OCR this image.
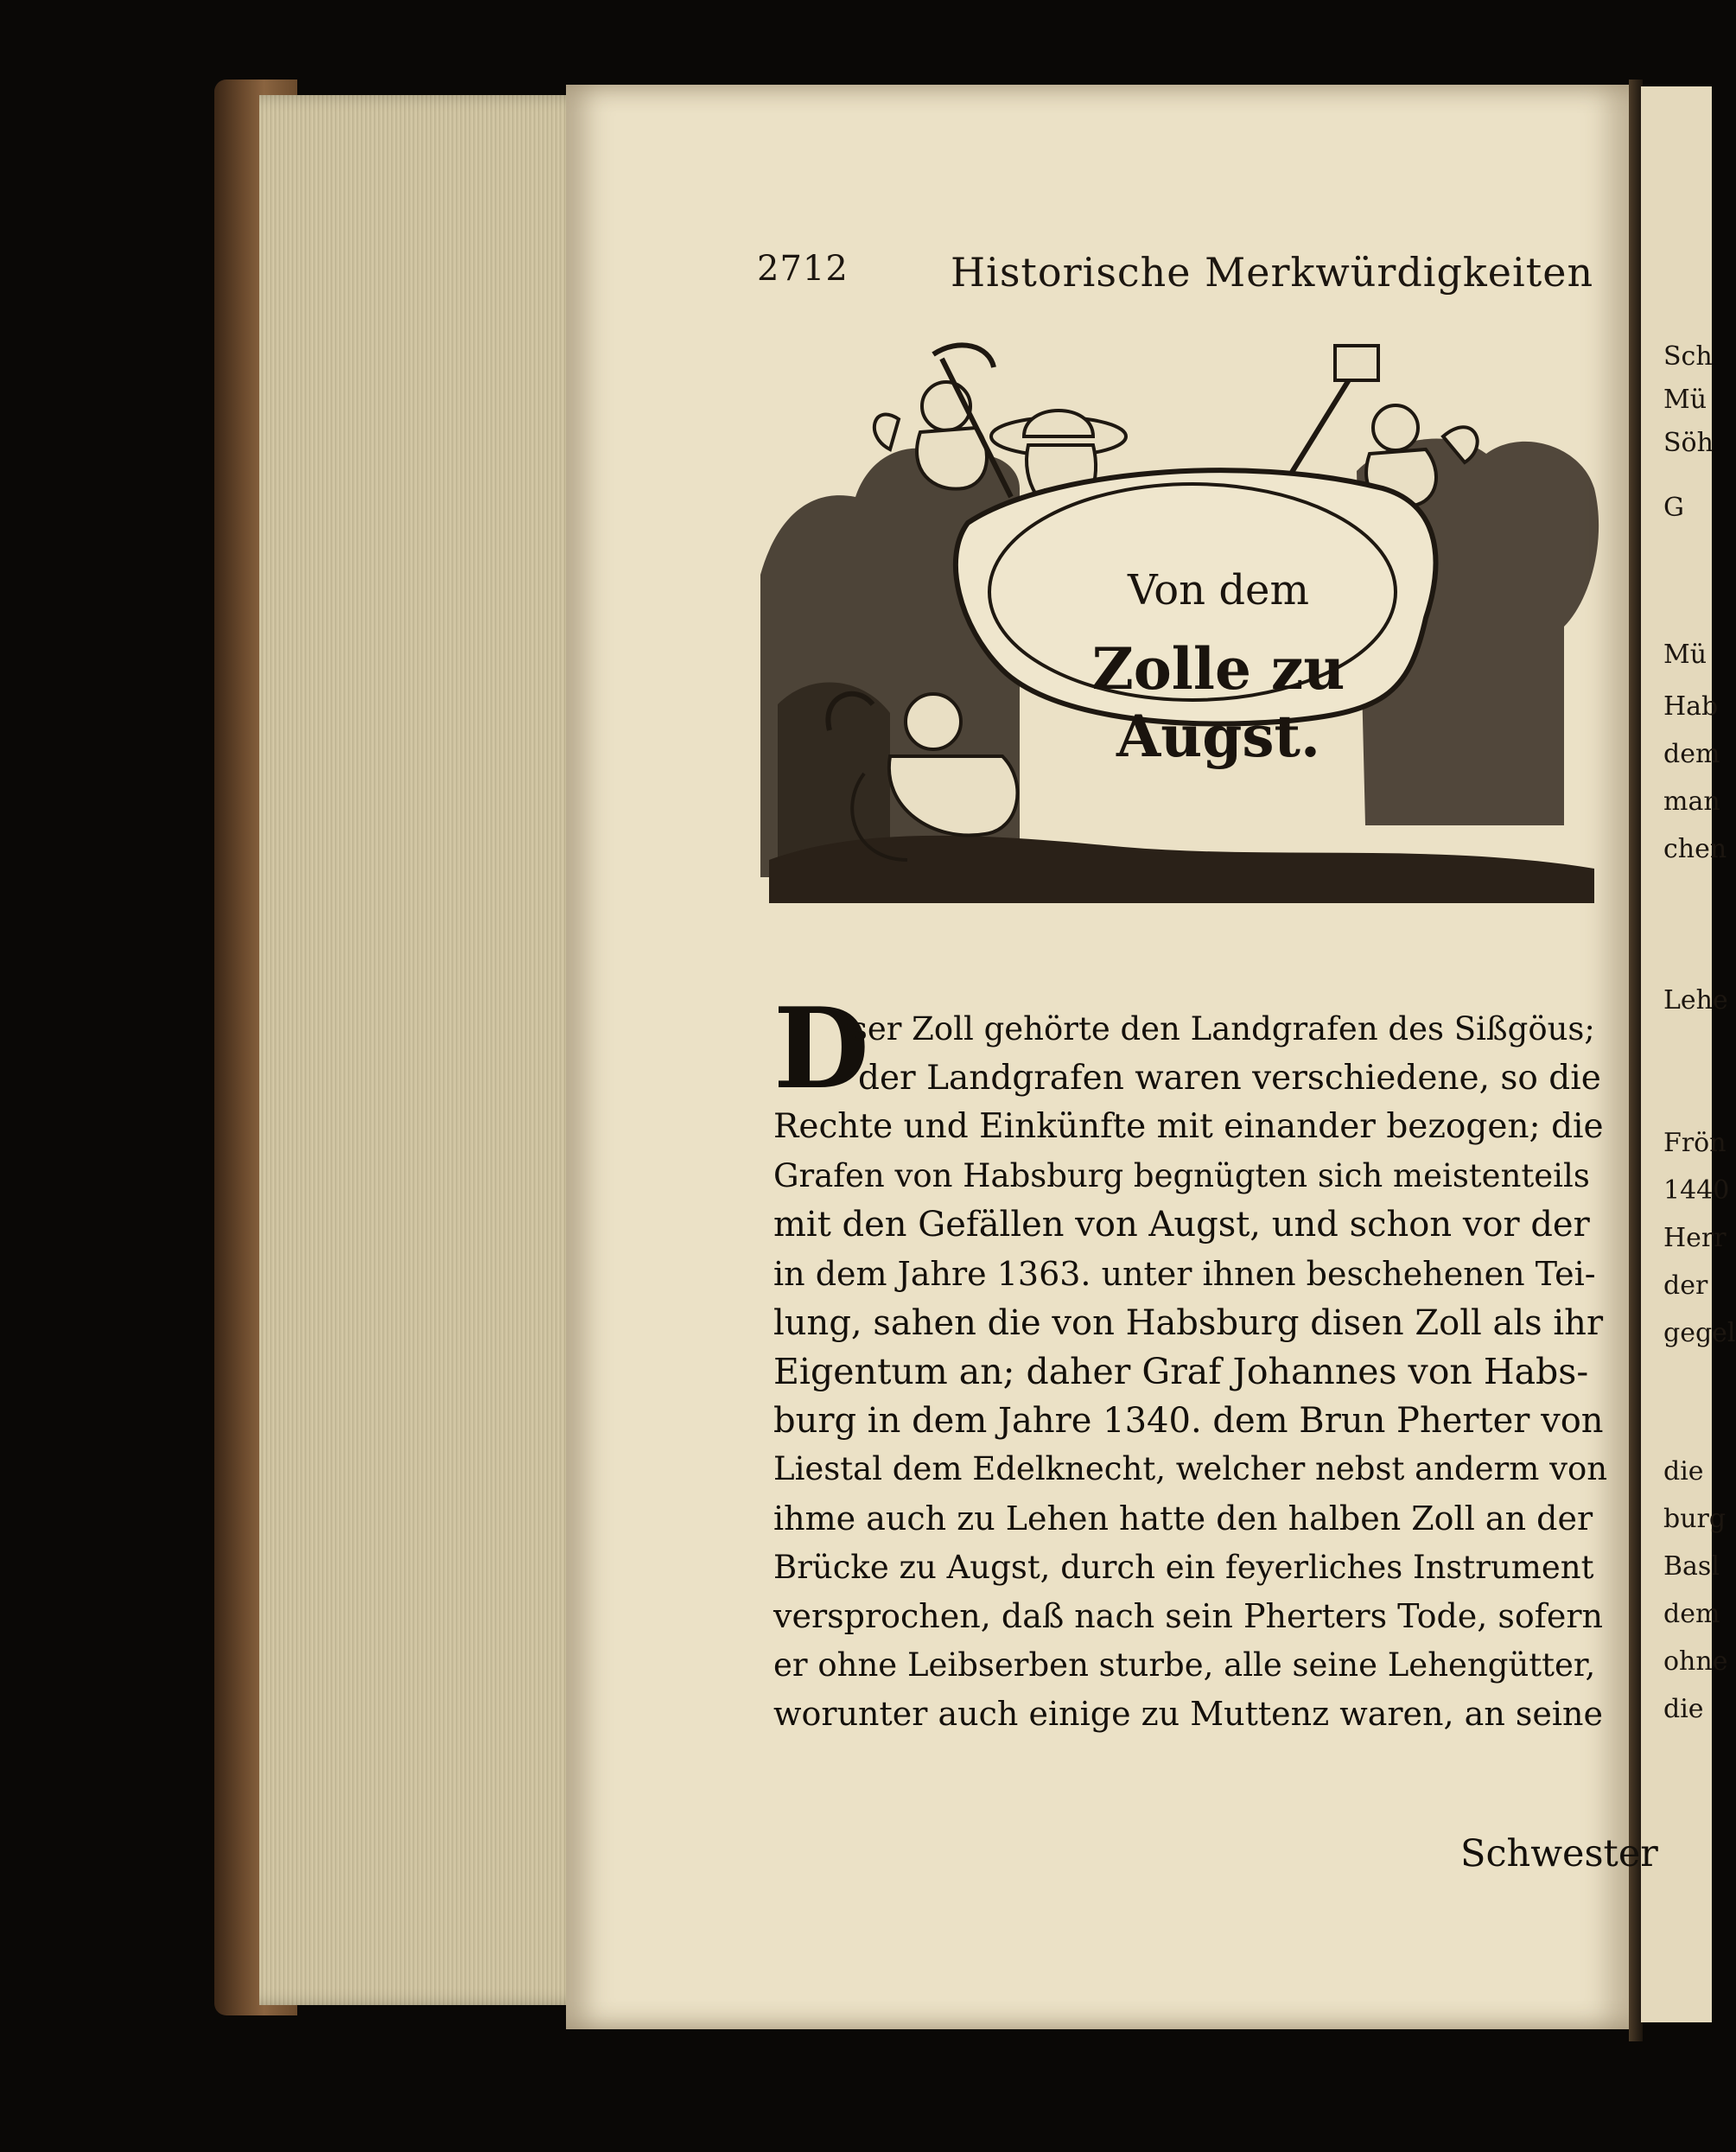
Sch
Mü
Söh
G
Mü
Hab
dem
man
chen
Lehe
Frön
1440
Herr
der
gegel
die
burg
Basl
dem
ohne
die
2712	Historische Merkwürdigkeiten
Von dem
Zolle zu Augst.
D
iser Zoll gehörte den Landgrafen des Sißgöus;
der Landgrafen waren verschiedene, so die
Rechte und Einkünfte mit einander bezogen; die
Grafen von Habsburg begnügten sich meistenteils
mit den Gefällen von Augst, und schon vor der
in dem Jahre 1363. unter ihnen beschehenen Tei-
lung, sahen die von Habsburg disen Zoll als ihr
Eigentum an; daher Graf Johannes von Habs-
burg in dem Jahre 1340. dem Brun Pherter von
Liestal dem Edelknecht, welcher nebst anderm von
ihme auch zu Lehen hatte den halben Zoll an der
Brücke zu Augst, durch ein feyerliches Instrument
versprochen, daß nach sein Pherters Tode, sofern
er ohne Leibserben sturbe, alle seine Lehengütter,
worunter auch einige zu Muttenz waren, an seine
Schwester
